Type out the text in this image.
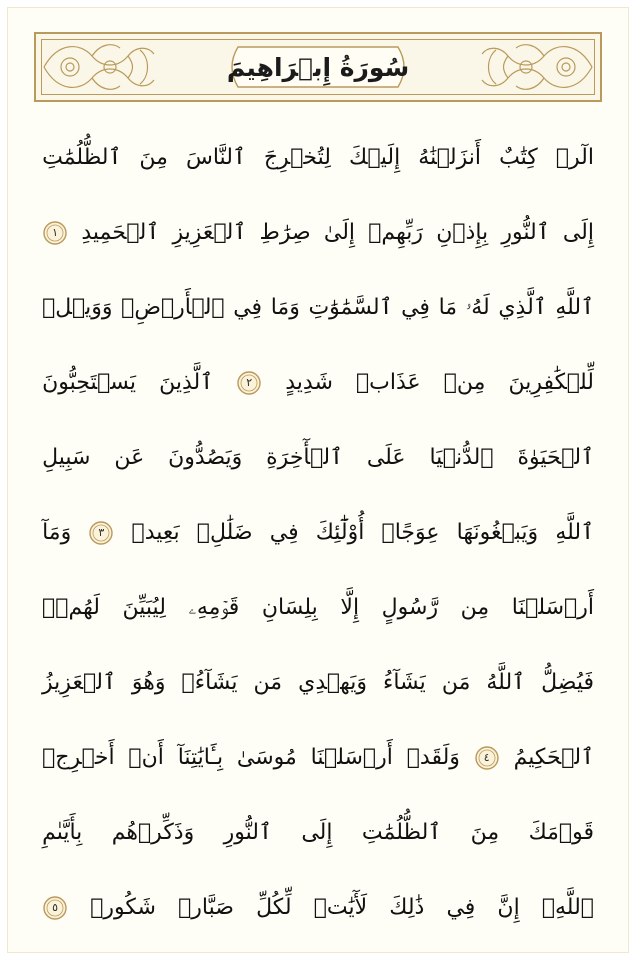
سُورَةُ إِبۡرَاهِيمَ
الٓرۚ
كِتَٰبٌ
أَنزَلۡنَٰهُ
إِلَيۡكَ
لِتُخۡرِجَ
ٱلنَّاسَ
مِنَ
ٱلظُّلُمَٰتِ
إِلَى
ٱلنُّورِ
بِإِذۡنِ
رَبِّهِمۡ
إِلَىٰ
صِرَٰطِ
ٱلۡعَزِيزِ
ٱلۡحَمِيدِ
١
ٱللَّهِ
ٱلَّذِي
لَهُۥ
مَا
فِي
ٱلسَّمَٰوَٰتِ
وَمَا
فِي
ٱلۡأَرۡضِۗ
وَوَيۡلٞ
لِّلۡكَٰفِرِينَ
مِنۡ
عَذَابٖ
شَدِيدٍ
٢
ٱلَّذِينَ
يَسۡتَحِبُّونَ
ٱلۡحَيَوٰةَ
ٱلدُّنۡيَا
عَلَى
ٱلۡأٓخِرَةِ
وَيَصُدُّونَ
عَن
سَبِيلِ
ٱللَّهِ
وَيَبۡغُونَهَا
عِوَجًاۚ
أُوْلَٰٓئِكَ
فِي
ضَلَٰلِۭ
بَعِيدٖ
٣
وَمَآ
أَرۡسَلۡنَا
مِن
رَّسُولٍ
إِلَّا
بِلِسَانِ
قَوۡمِهِۦ
لِيُبَيِّنَ
لَهُمۡۖ
فَيُضِلُّ
ٱللَّهُ
مَن
يَشَآءُ
وَيَهۡدِي
مَن
يَشَآءُۚ
وَهُوَ
ٱلۡعَزِيزُ
ٱلۡحَكِيمُ
٤
وَلَقَدۡ
أَرۡسَلۡنَا
مُوسَىٰ
بِـَٔايَٰتِنَآ
أَنۡ
أَخۡرِجۡ
قَوۡمَكَ
مِنَ
ٱلظُّلُمَٰتِ
إِلَى
ٱلنُّورِ
وَذَكِّرۡهُم
بِأَيَّىٰمِ
ٱللَّهِۚ
إِنَّ
فِي
ذَٰلِكَ
لَأٓيَٰتٖ
لِّكُلِّ
صَبَّارٖ
شَكُورٖ
٥
